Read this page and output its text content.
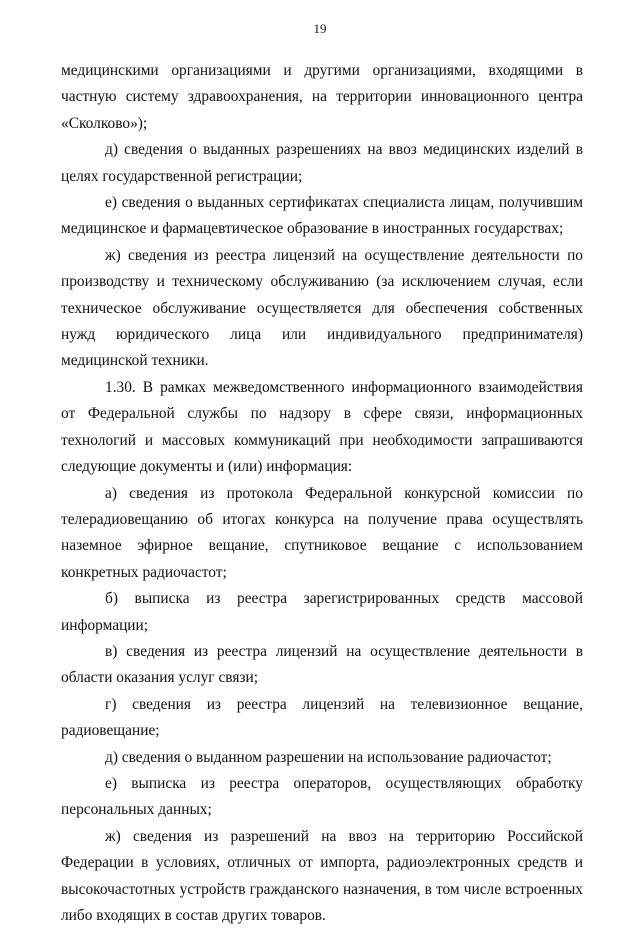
19

медицинскими организациями и другими организациями, входящими в частную систему здравоохранения, на территории инновационного центра «Сколково»);

д) сведения о выданных разрешениях на ввоз медицинских изделий в целях государственной регистрации;

е) сведения о выданных сертификатах специалиста лицам, получившим медицинское и фармацевтическое образование в иностранных государствах;

ж) сведения из реестра лицензий на осуществление деятельности по производству и техническому обслуживанию (за исключением случая, если техническое обслуживание осуществляется для обеспечения собственных нужд юридического лица или индивидуального предпринимателя) медицинской техники.

1.30. В рамках межведомственного информационного взаимодействия от Федеральной службы по надзору в сфере связи, информационных технологий и массовых коммуникаций при необходимости запрашиваются следующие документы и (или) информация:

а) сведения из протокола Федеральной конкурсной комиссии по телерадиовещанию об итогах конкурса на получение права осуществлять наземное эфирное вещание, спутниковое вещание с использованием конкретных радиочастот;

б) выписка из реестра зарегистрированных средств массовой информации;

в) сведения из реестра лицензий на осуществление деятельности в области оказания услуг связи;

г) сведения из реестра лицензий на телевизионное вещание, радиовещание;

д) сведения о выданном разрешении на использование радиочастот;

е) выписка из реестра операторов, осуществляющих обработку персональных данных;

ж) сведения из разрешений на ввоз на территорию Российской Федерации в условиях, отличных от импорта, радиоэлектронных средств и высокочастотных устройств гражданского назначения, в том числе встроенных либо входящих в состав других товаров.
